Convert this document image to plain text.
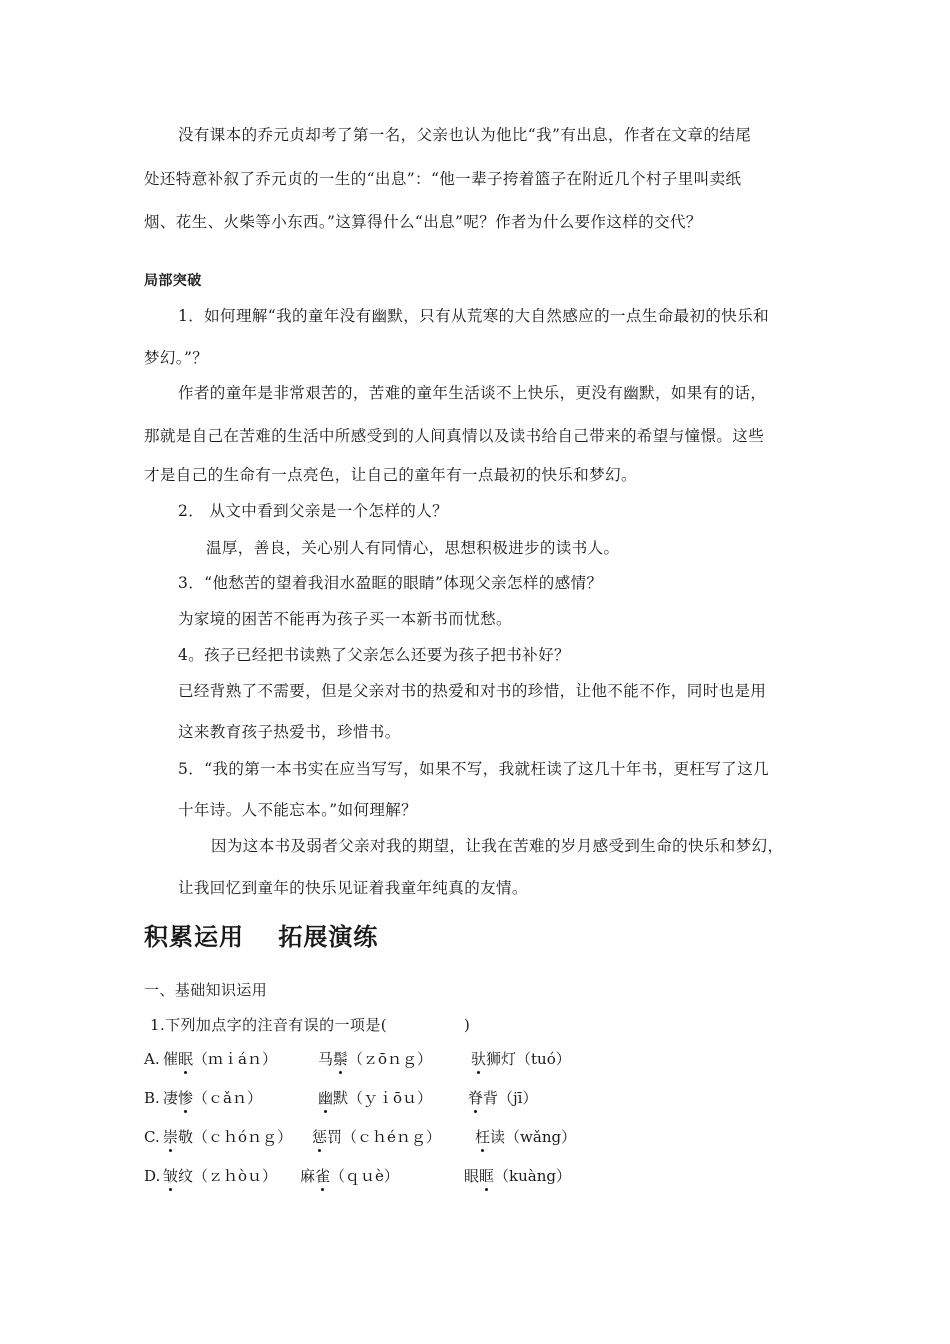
没有课本的乔元贞却考了第一名，父亲也认为他比“我”有出息，作者在文章的结尾
处还特意补叙了乔元贞的一生的“出息”：“他一辈子挎着篮子在附近几个村子里叫卖纸
烟、花生、火柴等小东西。”这算得什么“出息”呢？作者为什么要作这样的交代？
局部突破
1．如何理解“我的童年没有幽默，只有从荒寒的大自然感应的一点生命最初的快乐和
梦幻。”？
作者的童年是非常艰苦的，苦难的童年生活谈不上快乐，更没有幽默，如果有的话，
那就是自己在苦难的生活中所感受到的人间真情以及读书给自己带来的希望与憧憬。这些
才是自己的生命有一点亮色，让自己的童年有一点最初的快乐和梦幻。
2． 从文中看到父亲是一个怎样的人？
温厚，善良，关心别人有同情心，思想积极进步的读书人。
3．“他愁苦的望着我泪水盈眶的眼睛”体现父亲怎样的感情？
为家境的困苦不能再为孩子买一本新书而忧愁。
4。孩子已经把书读熟了父亲怎么还要为孩子把书补好？
已经背熟了不需要，但是父亲对书的热爱和对书的珍惜，让他不能不作，同时也是用
这来教育孩子热爱书，珍惜书。
5．“我的第一本书实在应当写写，如果不写，我就枉读了这几十年书，更枉写了这几
十年诗。人不能忘本。”如何理解？
因为这本书及弱者父亲对我的期望，让我在苦难的岁月感受到生命的快乐和梦幻，
让我回忆到童年的快乐见证着我童年纯真的友情。
积累运用　 拓展演练
一、基础知识运用
1.下列加点字的注音有误的一项是(　　　　　)
A. 催眠（ｍｉáｎ）	马鬃（ｚōｎｇ）	驮狮灯（tuó）
B. 凄惨（ｃǎｎ）	幽默（ｙｉōｕ） 脊背（jī）
C. 崇敬（ｃｈóｎｇ） 惩罚（ｃｈéｎｇ） 枉读（wǎng）
D. 皱纹（ｚｈòｕ） 麻雀（ｑｕè）	眼眶（kuàng）
